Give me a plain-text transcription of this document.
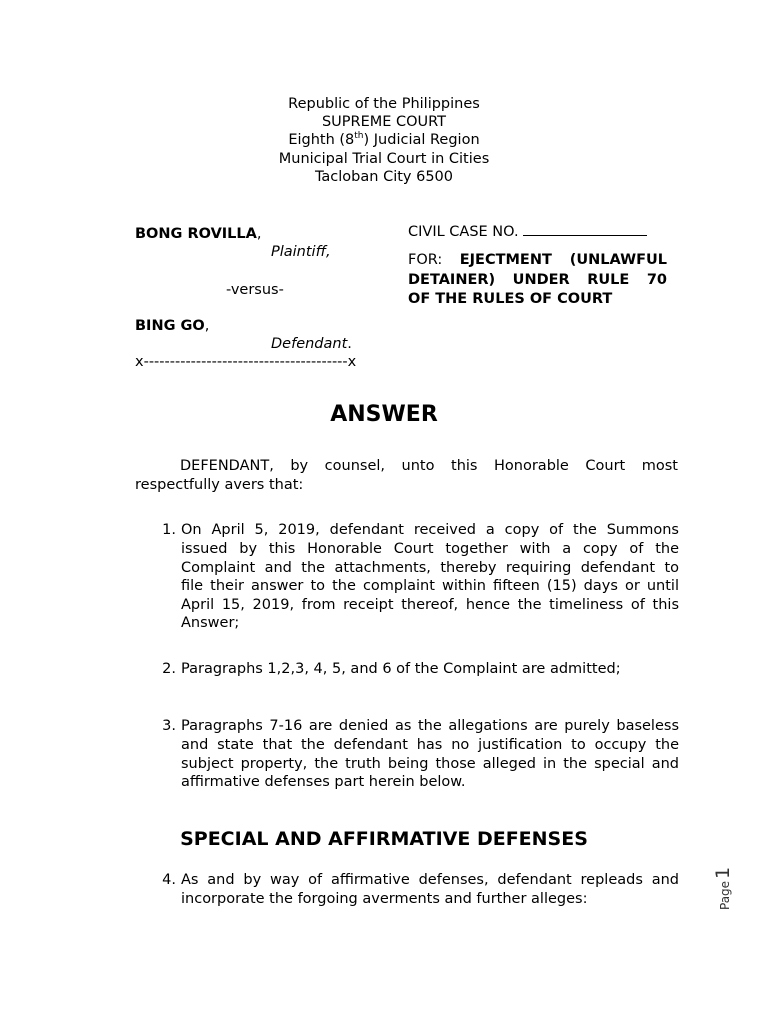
Republic of the Philippines
SUPREME COURT
Eighth (8th) Judicial Region
Municipal Trial Court in Cities
Tacloban City 6500
BONG ROVILLA,
Plaintiff,
-versus-
BING GO,
Defendant.
x---------------------------------------x
CIVIL CASE NO.
FOR: EJECTMENT (UNLAWFUL
DETAINER) UNDER RULE 70
OF THE RULES OF COURT
ANSWER
DEFENDANT, by counsel, unto this Honorable Court most
respectfully avers that:
1. On April 5, 2019, defendant received a copy of the Summons
issued by this Honorable Court together with a copy of the
Complaint and the attachments, thereby requiring defendant to
file their answer to the complaint within fifteen (15) days or until
April 15, 2019, from receipt thereof, hence the timeliness of this
Answer;
2. Paragraphs 1,2,3, 4, 5, and 6 of the Complaint are admitted;
3. Paragraphs 7-16 are denied as the allegations are purely baseless
and state that the defendant has no justification to occupy the
subject property, the truth being those alleged in the special and
affirmative defenses part herein below.
SPECIAL AND AFFIRMATIVE DEFENSES
4. As and by way of affirmative defenses, defendant repleads and
incorporate the forgoing averments and further alleges:	Page1
